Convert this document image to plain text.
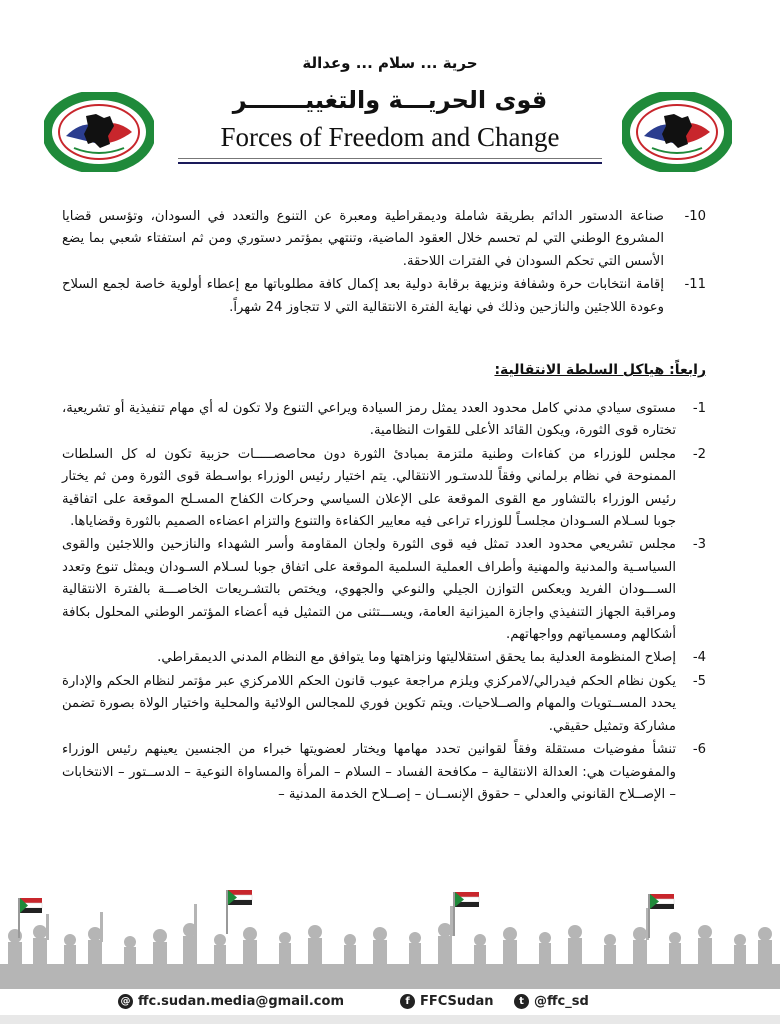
حرية ... سلام ... وعدالة
قوى الحريـــة والتغييـــــــر
Forces of Freedom and Change
10-
صناعة الدستور الدائم بطريقة شاملة وديمقراطية ومعبرة عن التنوع والتعدد في السودان، وتؤسس قضايا المشروع الوطني التي لم تحسم خلال العقود الماضية، وتنتهي بمؤتمر دستوري ومن ثم استفتاء شعبي بما يضع الأسس التي تحكم السودان في الفترات اللاحقة.
11-
إقامة انتخابات حرة وشفافة ونزيهة برقابة دولية بعد إكمال كافة مطلوباتها مع إعطاء أولوية خاصة لجمع السلاح وعودة اللاجئين والنازحين وذلك في نهاية الفترة الانتقالية التي لا تتجاوز 24 شهراً.
رابعاً: هياكل السلطة الانتقالية:
1-
مستوى سيادي مدني كامل محدود العدد يمثل رمز السيادة ويراعي التنوع ولا تكون له أي مهام تنفيذية أو تشريعية، تختاره قوى الثورة، ويكون القائد الأعلى للقوات النظامية.
2-
مجلس للوزراء من كفاءات وطنية ملتزمة بمبادئ الثورة دون محاصصـــــات حزبية تكون له كل السلطات الممنوحة في نظام برلماني وفقاً للدستـور الانتقالي. يتم اختيار رئيس الوزراء بواسـطة قوى الثورة ومن ثم يختار رئيس الوزراء بالتشاور مع القوى الموقعة على الإعلان السياسي وحركات الكفاح المسـلح الموقعة على اتفاقية جوبا لسـلام السـودان مجلسـاً للوزراء تراعى فيه معايير الكفاءة والتنوع والتزام اعضاءه الصميم بالثورة وقضاياها.
3-
مجلس تشريعي محدود العدد تمثل فيه قوى الثورة ولجان المقاومة وأسر الشهداء والنازحين واللاجئين والقوى السياسـية والمدنية والمهنية وأطراف العملية السلمية الموقعة على اتفاق جوبا لسـلام السـودان ويمثل تنوع وتعدد الســـودان الفريد ويعكس التوازن الجيلي والنوعي والجهوي، ويختص بالتشـريعات الخاصـــة بالفترة الانتقالية ومراقبة الجهاز التنفيذي واجازة الميزانية العامة، ويســـتثنى من التمثيل فيه أعضاء المؤتمر الوطني المحلول بكافة أشكالهم ومسمياتهم وواجهاتهم.
4-
إصلاح المنظومة العدلية بما يحقق استقلاليتها ونزاهتها وما يتوافق مع النظام المدني الديمقراطي.
5-
يكون نظام الحكم فيدرالي/لامركزي ويلزم مراجعة عيوب قانون الحكم اللامركزي عبر مؤتمر لنظام الحكم والإدارة يحدد المســتويات والمهام والصــلاحيات. ويتم تكوين فوري للمجالس الولائية والمحلية واختيار الولاة بصورة تضمن مشاركة وتمثيل حقيقي.
6-
تنشأ مفوضيات مستقلة وفقاً لقوانين تحدد مهامها ويختار لعضويتها خبراء من الجنسين يعينهم رئيس الوزراء والمفوضيات هي: العدالة الانتقالية – مكافحة الفساد – السلام – المرأة والمساواة النوعية – الدســتور – الانتخابات – الإصــلاح القانوني والعدلي – حقوق الإنســان – إصــلاح الخدمة المدنية –
@ ffc.sudan.media@gmail.com	f FFCSudan	t @ffc_sd
